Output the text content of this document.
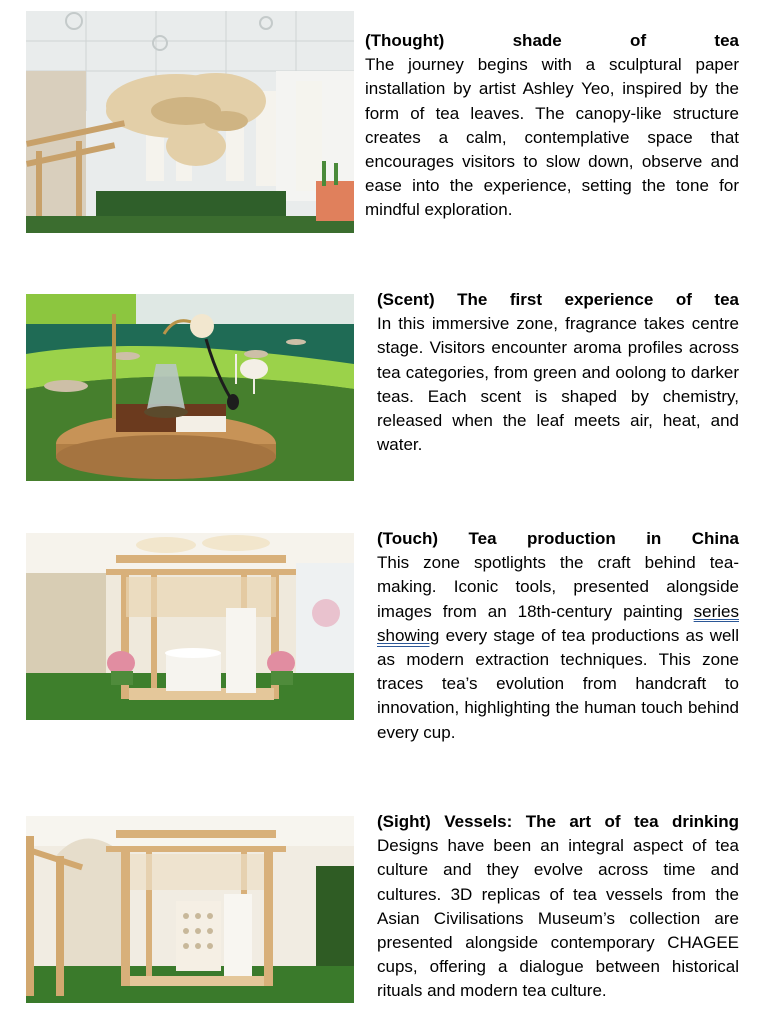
(Thought) shade of tea
The journey begins with a sculptural paper installation by artist Ashley Yeo, inspired by the form of tea leaves. The canopy-like structure creates a calm, contemplative space that encourages visitors to slow down, observe and ease into the experience, setting the tone for mindful exploration.
(Scent) The first experience of tea
In this immersive zone, fragrance takes centre stage. Visitors encounter aroma profiles across tea categories, from green and oolong to darker teas. Each scent is shaped by chemistry, released when the leaf meets air, heat, and water.
(Touch) Tea production in China
This zone spotlights the craft behind tea-making. Iconic tools, presented alongside images from an 18th-century painting series showing every stage of tea productions as well as modern extraction techniques. This zone traces tea’s evolution from handcraft to innovation, highlighting the human touch behind every cup.
(Sight) Vessels: The art of tea drinking
Designs have been an integral aspect of tea culture and they evolve across time and cultures. 3D replicas of tea vessels from the Asian Civilisations Museum’s collection are presented alongside contemporary CHAGEE cups, offering a dialogue between historical rituals and modern tea culture.
